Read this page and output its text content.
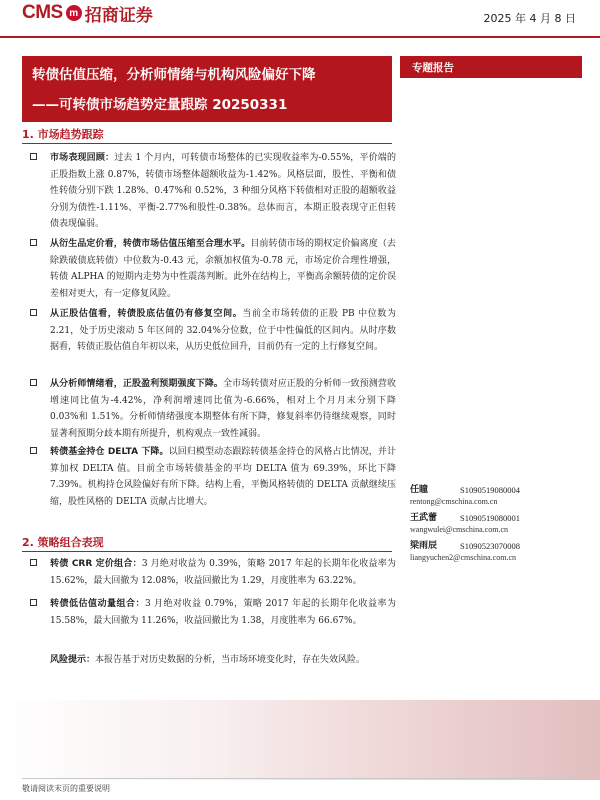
CMS m 招商证券	2025 年 4 月 8 日
转债估值压缩，分析师情绪与机构风险偏好下降
——可转债市场趋势定量跟踪 20250331
专题报告
1. 市场趋势跟踪
市场表现回顾：过去 1 个月内，可转债市场整体的已实现收益率为-0.55%，平价端的正股指数上涨 0.87%，转债市场整体超额收益为-1.42%。风格层面，股性、平衡和债性转债分别下跌 1.28%、0.47%和 0.52%，3 种细分风格下转债相对正股的超额收益分别为债性-1.11%、平衡-2.77%和股性-0.38%。总体而言，本期正股表现守正但转债表现偏弱。
从衍生品定价看，转债市场估值压缩至合理水平。目前转债市场的期权定价偏离度（去除跌破债底转债）中位数为-0.43 元，余额加权值为-0.78 元，市场定价合理性增强，转债 ALPHA 的短期内走势为中性震荡判断。此外在结构上，平衡高余额转债的定价误差相对更大，有一定修复风险。
从正股估值看，转债股底估值仍有修复空间。当前全市场转债的正股 PB 中位数为 2.21，处于历史滚动 5 年区间的 32.04%分位数，位于中性偏低的区间内。从时序数据看，转债正股估值自年初以来，从历史低位回升，目前仍有一定的上行修复空间。
从分析师情绪看，正股盈利预期强度下降。全市场转债对应正股的分析师一致预测营收增速同比值为-4.42%，净利润增速同比值为-6.66%，相对上个月月末分别下降 0.03%和 1.51%。分析师情绪强度本期整体有所下降，修复斜率仍待继续观察，同时显著利预期分歧本期有所提升，机构观点一致性减弱。
转债基金持仓 DELTA 下降。以回归模型动态跟踪转债基金持仓的风格占比情况，并计算加权 DELTA 值。目前全市场转债基金的平均 DELTA 值为 69.39%，环比下降 7.39%。机构持仓风险偏好有所下降。结构上看，平衡风格转债的 DELTA 贡献继续压缩，股性风格的 DELTA 贡献占比增大。
2. 策略组合表现
转债 CRR 定价组合：3 月绝对收益为 0.39%，策略 2017 年起的长期年化收益率为 15.62%，最大回撤为 12.08%，收益回撤比为 1.29，月度胜率为 63.22%。
转债低估值动量组合：3 月绝对收益 0.79%，策略 2017 年起的长期年化收益率为 15.58%，最大回撤为 11.26%，收益回撤比为 1.38，月度胜率为 66.67%。
风险提示：本报告基于对历史数据的分析，当市场环境变化时，存在失效风险。
任瞳	S1090519080004
rentong@cmschina.com.cn
王武蕾	S1090519080001
wangwulei@cmschina.com.cn
梁雨辰	S1090523070008
liangyuchen2@cmschina.com.cn
敬请阅读末页的重要说明
